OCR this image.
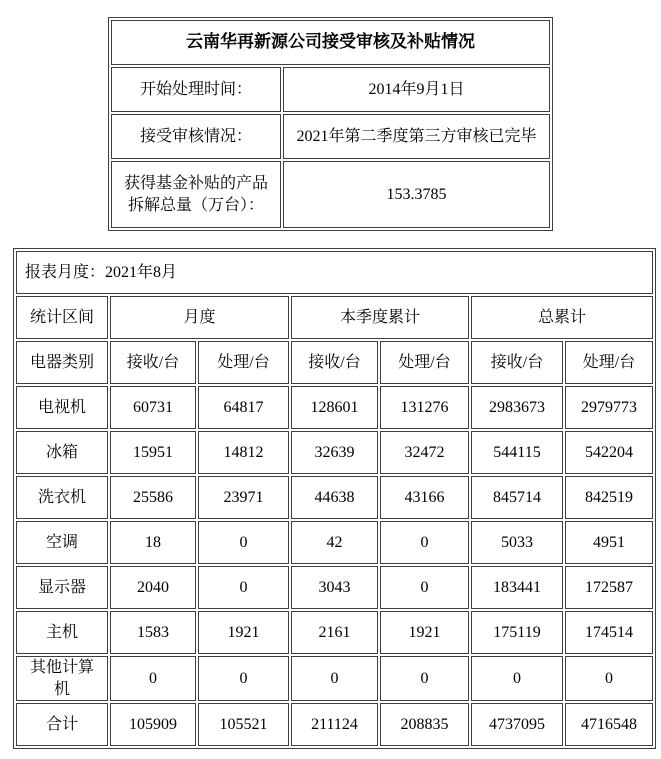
云南华再新源公司接受审核及补贴情况	
开始处理时间：	2014年9月1日
接受审核情况：	2021年第二季度第三方审核已完毕
获得基金补贴的产品拆解总量（万台）：	153.3785
报表月度：2021年8月						
统计区间	月度		本季度累计		总累计	
电器类别	接收/台	处理/台	接收/台	处理/台	接收/台	处理/台
电视机	60731	64817	128601	131276	2983673	2979773
冰箱	15951	14812	32639	32472	544115	542204
洗衣机	25586	23971	44638	43166	845714	842519
空调	18	0	42	0	5033	4951
显示器	2040	0	3043	0	183441	172587
主机	1583	1921	2161	1921	175119	174514
其他计算机	0	0	0	0	0	0
合计	105909	105521	211124	208835	4737095	4716548
